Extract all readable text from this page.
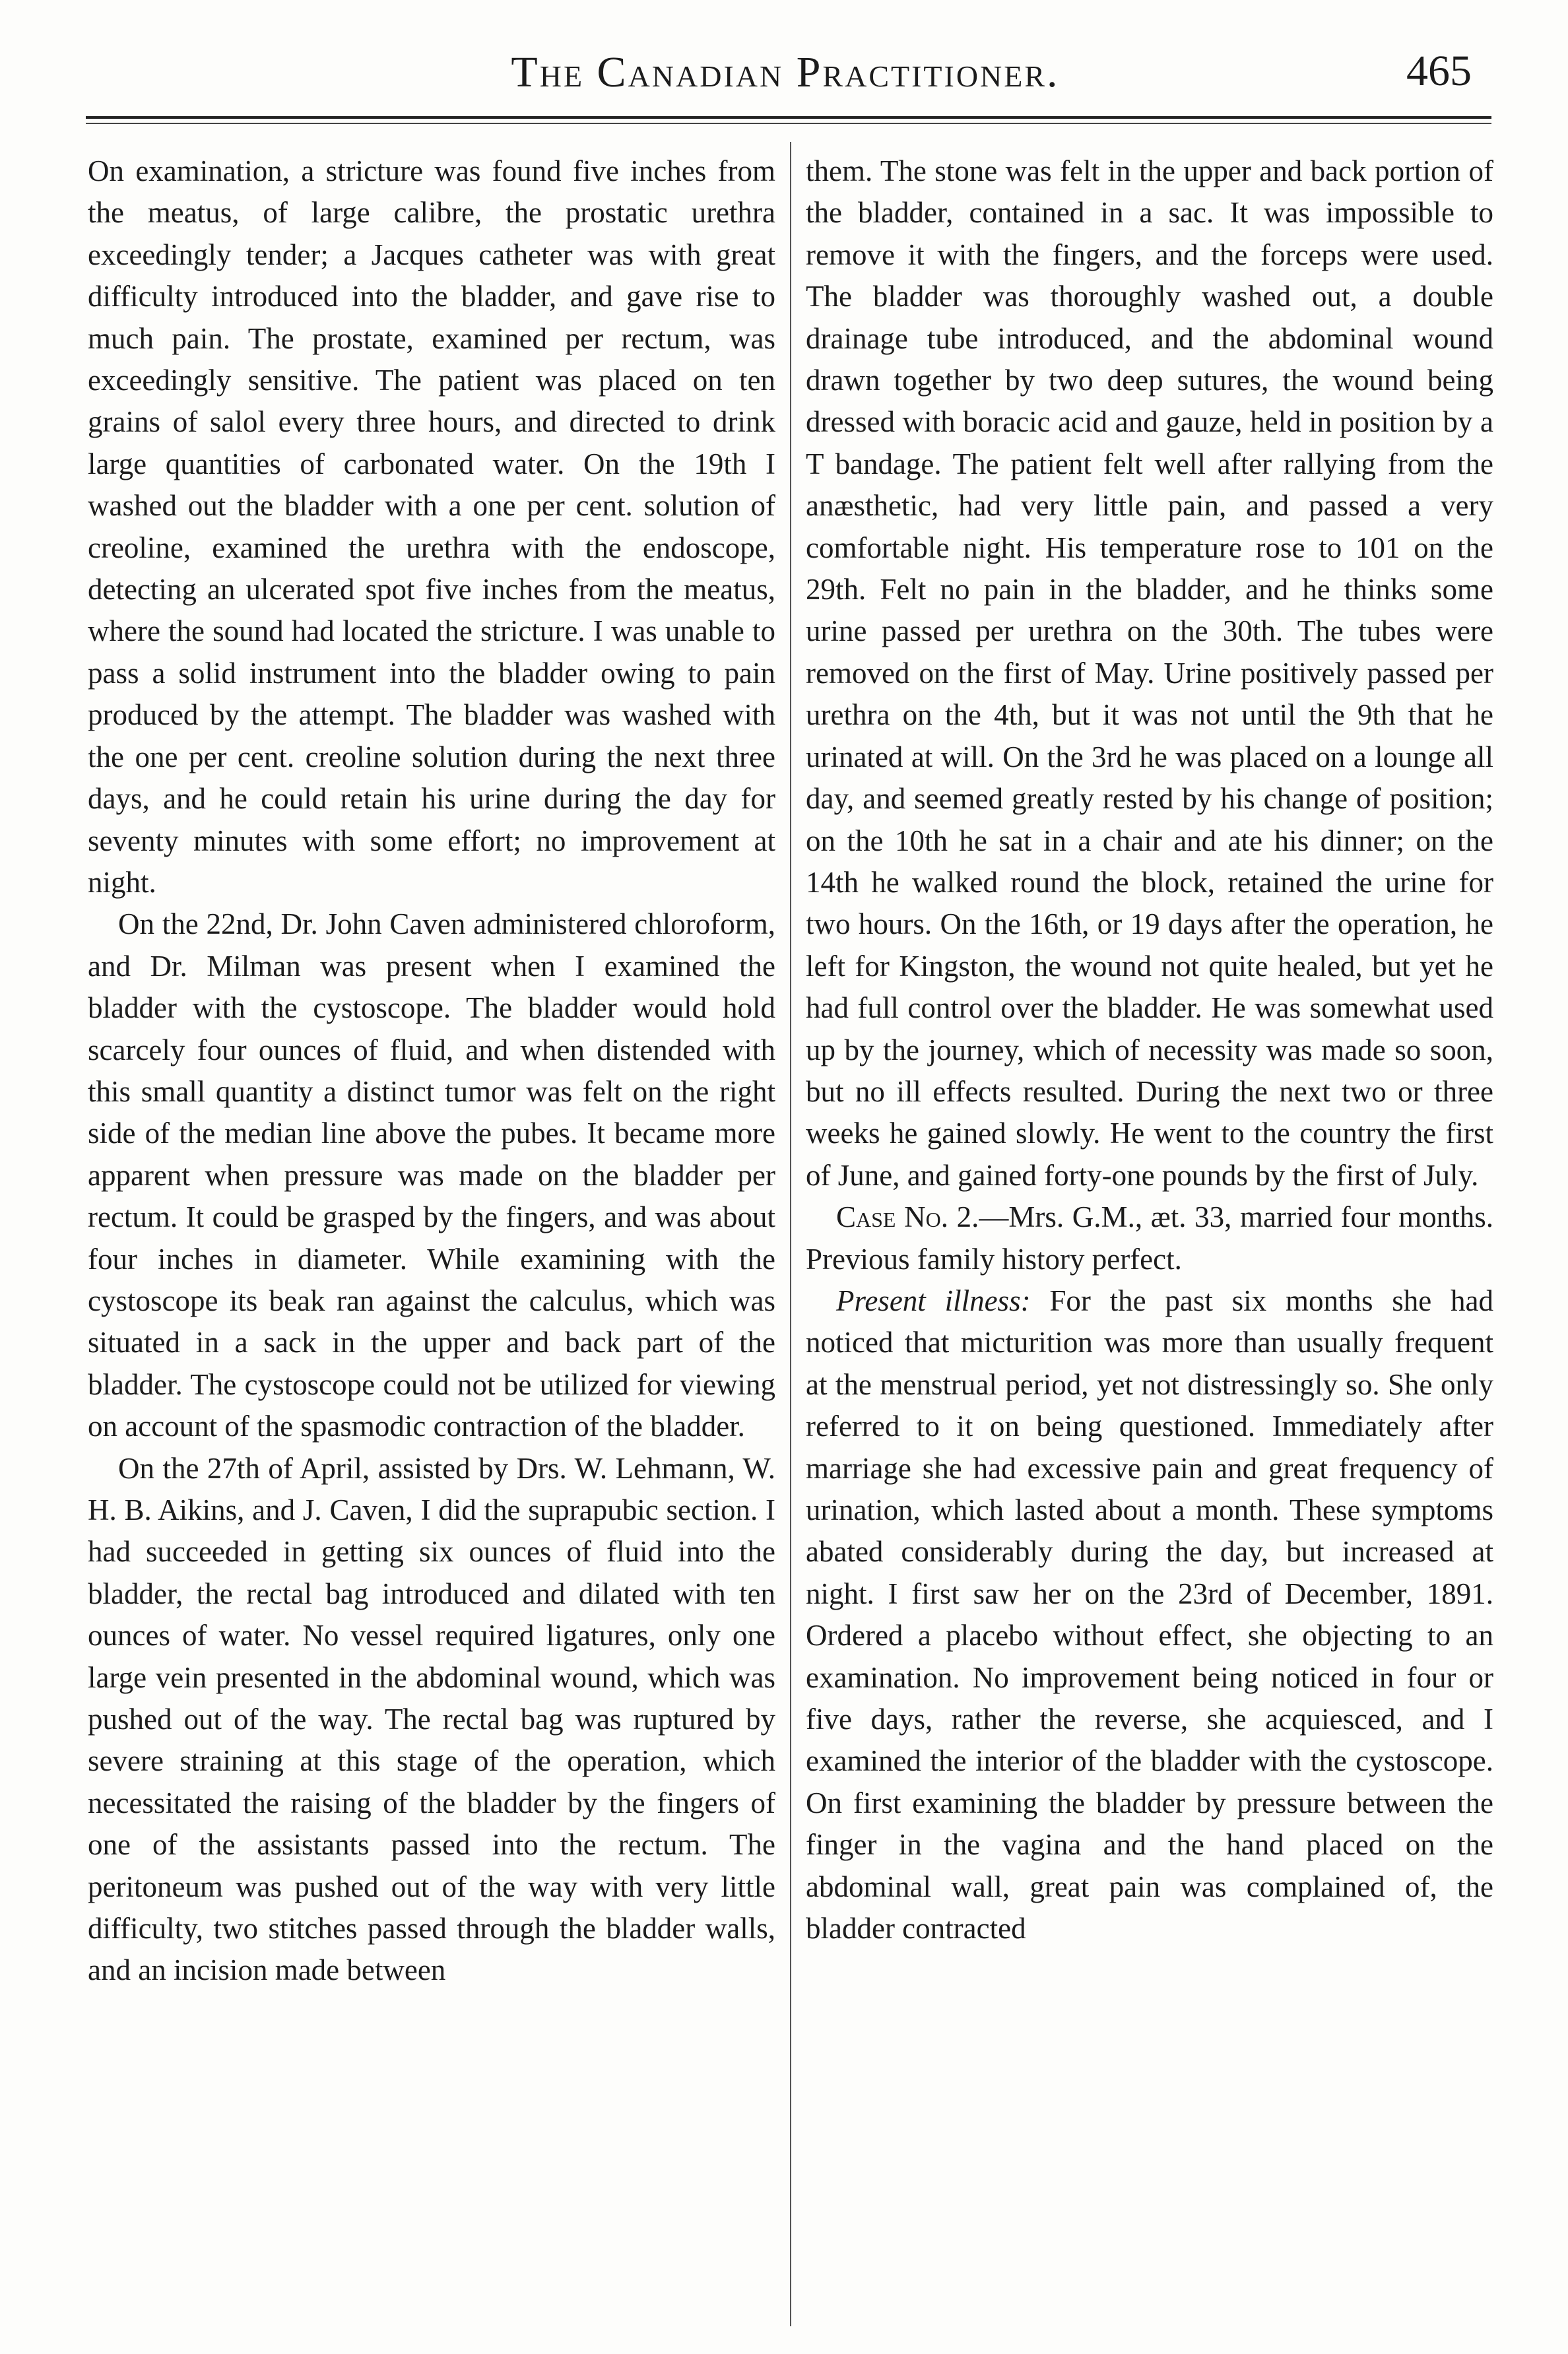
The Canadian Practitioner.	465

On examination, a stricture was found five inches from the meatus, of large calibre, the prostatic urethra exceedingly tender; a Jacques catheter was with great difficulty introduced into the bladder, and gave rise to much pain. The prostate, examined per rectum, was exceedingly sensitive. The patient was placed on ten grains of salol every three hours, and directed to drink large quantities of carbonated water. On the 19th I washed out the bladder with a one per cent. solution of creoline, examined the urethra with the endoscope, detecting an ulcerated spot five inches from the meatus, where the sound had located the stricture. I was unable to pass a solid instrument into the bladder owing to pain produced by the attempt. The bladder was washed with the one per cent. creoline solution during the next three days, and he could retain his urine during the day for seventy minutes with some effort; no improvement at night.

On the 22nd, Dr. John Caven administered chloroform, and Dr. Milman was present when I examined the bladder with the cystoscope. The bladder would hold scarcely four ounces of fluid, and when distended with this small quantity a distinct tumor was felt on the right side of the median line above the pubes. It became more apparent when pressure was made on the bladder per rectum. It could be grasped by the fingers, and was about four inches in diameter. While examining with the cystoscope its beak ran against the calculus, which was situated in a sack in the upper and back part of the bladder. The cystoscope could not be utilized for viewing on account of the spasmodic contraction of the bladder.

On the 27th of April, assisted by Drs. W. Lehmann, W. H. B. Aikins, and J. Caven, I did the suprapubic section. I had succeeded in getting six ounces of fluid into the bladder, the rectal bag introduced and dilated with ten ounces of water. No vessel required ligatures, only one large vein presented in the abdominal wound, which was pushed out of the way. The rectal bag was ruptured by severe straining at this stage of the operation, which necessitated the raising of the bladder by the fingers of one of the assistants passed into the rectum. The peritoneum was pushed out of the way with very little difficulty, two stitches passed through the bladder walls, and an incision made between

them. The stone was felt in the upper and back portion of the bladder, contained in a sac. It was impossible to remove it with the fingers, and the forceps were used. The bladder was thoroughly washed out, a double drainage tube introduced, and the abdominal wound drawn together by two deep sutures, the wound being dressed with boracic acid and gauze, held in position by a T bandage. The patient felt well after rallying from the anæsthetic, had very little pain, and passed a very comfortable night. His temperature rose to 101 on the 29th. Felt no pain in the bladder, and he thinks some urine passed per urethra on the 30th. The tubes were removed on the first of May. Urine positively passed per urethra on the 4th, but it was not until the 9th that he urinated at will. On the 3rd he was placed on a lounge all day, and seemed greatly rested by his change of position; on the 10th he sat in a chair and ate his dinner; on the 14th he walked round the block, retained the urine for two hours. On the 16th, or 19 days after the operation, he left for Kingston, the wound not quite healed, but yet he had full control over the bladder. He was somewhat used up by the journey, which of necessity was made so soon, but no ill effects resulted. During the next two or three weeks he gained slowly. He went to the country the first of June, and gained forty-one pounds by the first of July.

Case No. 2.—Mrs. G.M., æt. 33, married four months. Previous family history perfect.

Present illness: For the past six months she had noticed that micturition was more than usually frequent at the menstrual period, yet not distressingly so. She only referred to it on being questioned. Immediately after marriage she had excessive pain and great frequency of urination, which lasted about a month. These symptoms abated considerably during the day, but increased at night. I first saw her on the 23rd of December, 1891. Ordered a placebo without effect, she objecting to an examination. No improvement being noticed in four or five days, rather the reverse, she acquiesced, and I examined the interior of the bladder with the cystoscope. On first examining the bladder by pressure between the finger in the vagina and the hand placed on the abdominal wall, great pain was complained of, the bladder contracted
